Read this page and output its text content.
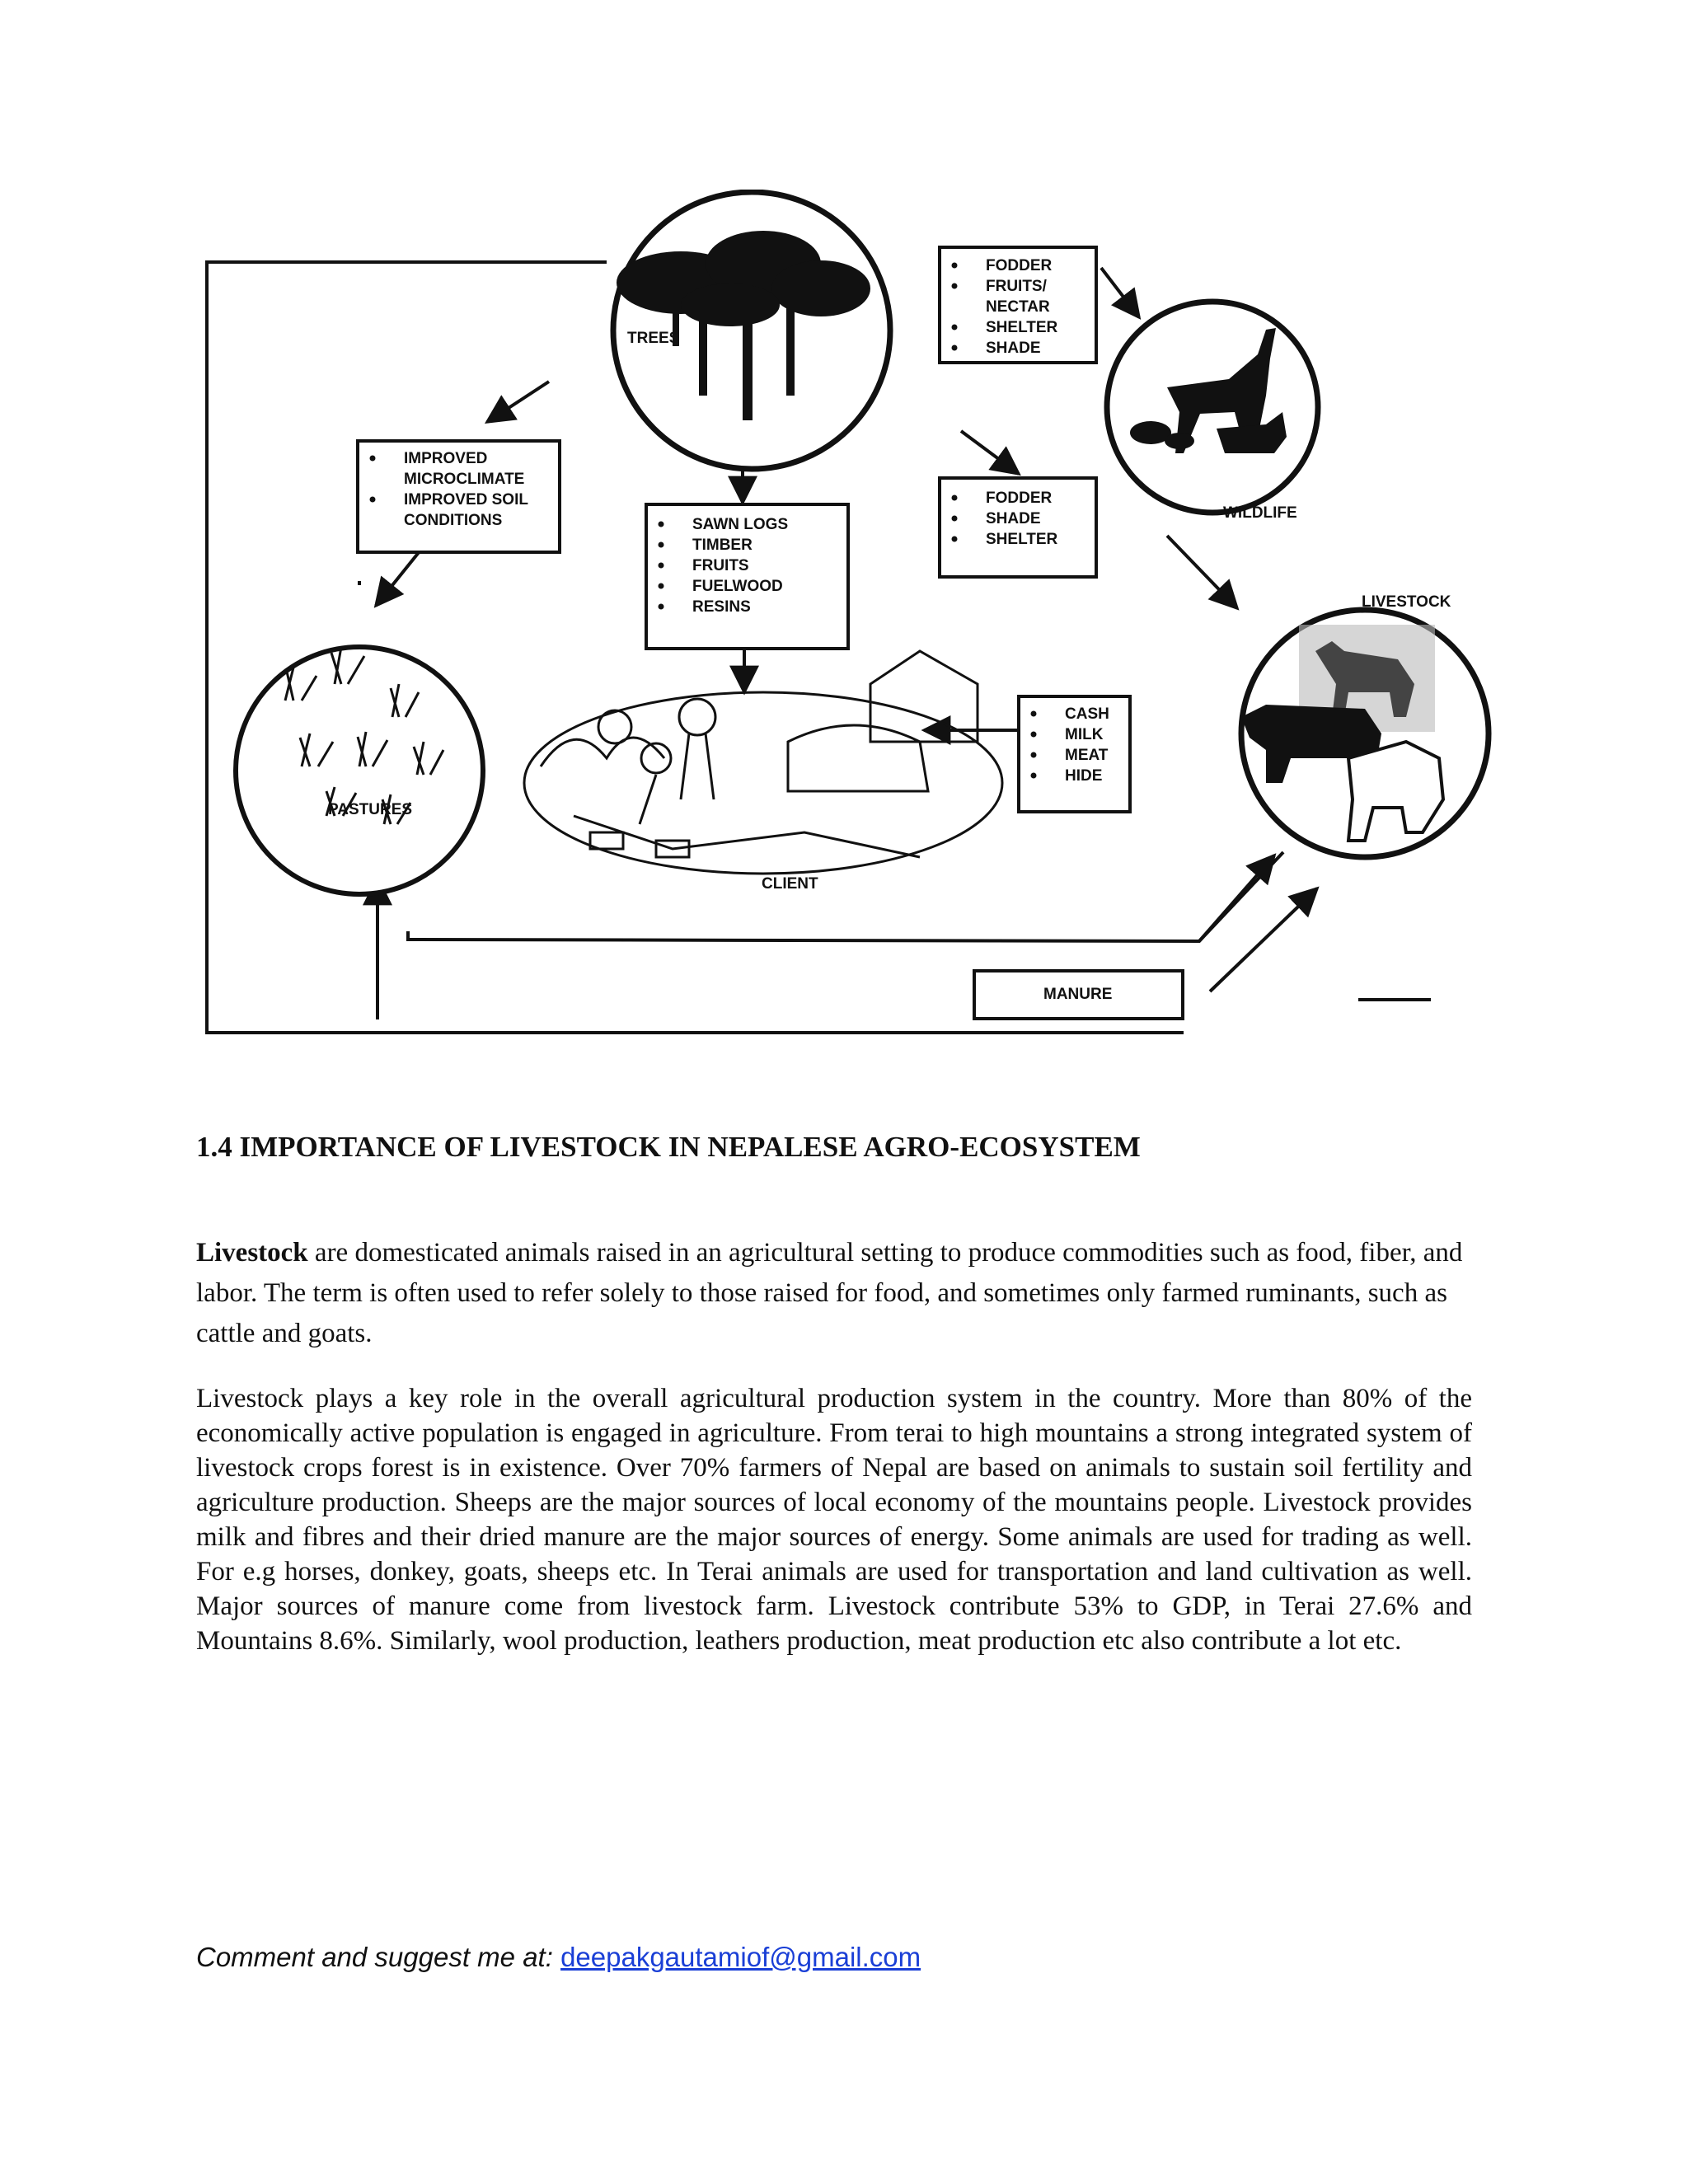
TREES
WILDLIFE
LIVESTOCK
PASTURES
CLIENT
FODDER
FRUITS/
NECTAR
SHELTER
SHADE
IMPROVED
MICROCLIMATE
IMPROVED SOIL
CONDITIONS	SAWN LOGS
TIMBER
FRUITS
FUELWOOD
RESINS
FODDER
SHADE
SHELTER
CASH
MILK
MEAT
HIDE
MANURE
1.4 IMPORTANCE OF LIVESTOCK IN NEPALESE AGRO-ECOSYSTEM

Livestock are domesticated animals raised in an agricultural setting to produce commodities such as food, fiber, and labor. The term is often used to refer solely to those raised for food, and sometimes only farmed ruminants, such as cattle and goats.

Livestock plays a key role in the overall agricultural production system in the country. More than 80% of the economically active population is engaged in agriculture. From terai to high mountains a strong integrated system of livestock crops forest is in existence. Over 70% farmers of Nepal are based on animals to sustain soil fertility and agriculture production. Sheeps are the major sources of local economy of the mountains people. Livestock provides milk and fibres and their dried manure are the major sources of energy. Some animals are used for trading as well. For e.g horses, donkey, goats, sheeps etc. In Terai animals are used for transportation and land cultivation as well. Major sources of manure come from livestock farm. Livestock contribute 53% to GDP, in Terai 27.6% and Mountains 8.6%. Similarly, wool production, leathers production, meat production etc also contribute a lot etc.

Comment and suggest me at: deepakgautamiof@gmail.com
